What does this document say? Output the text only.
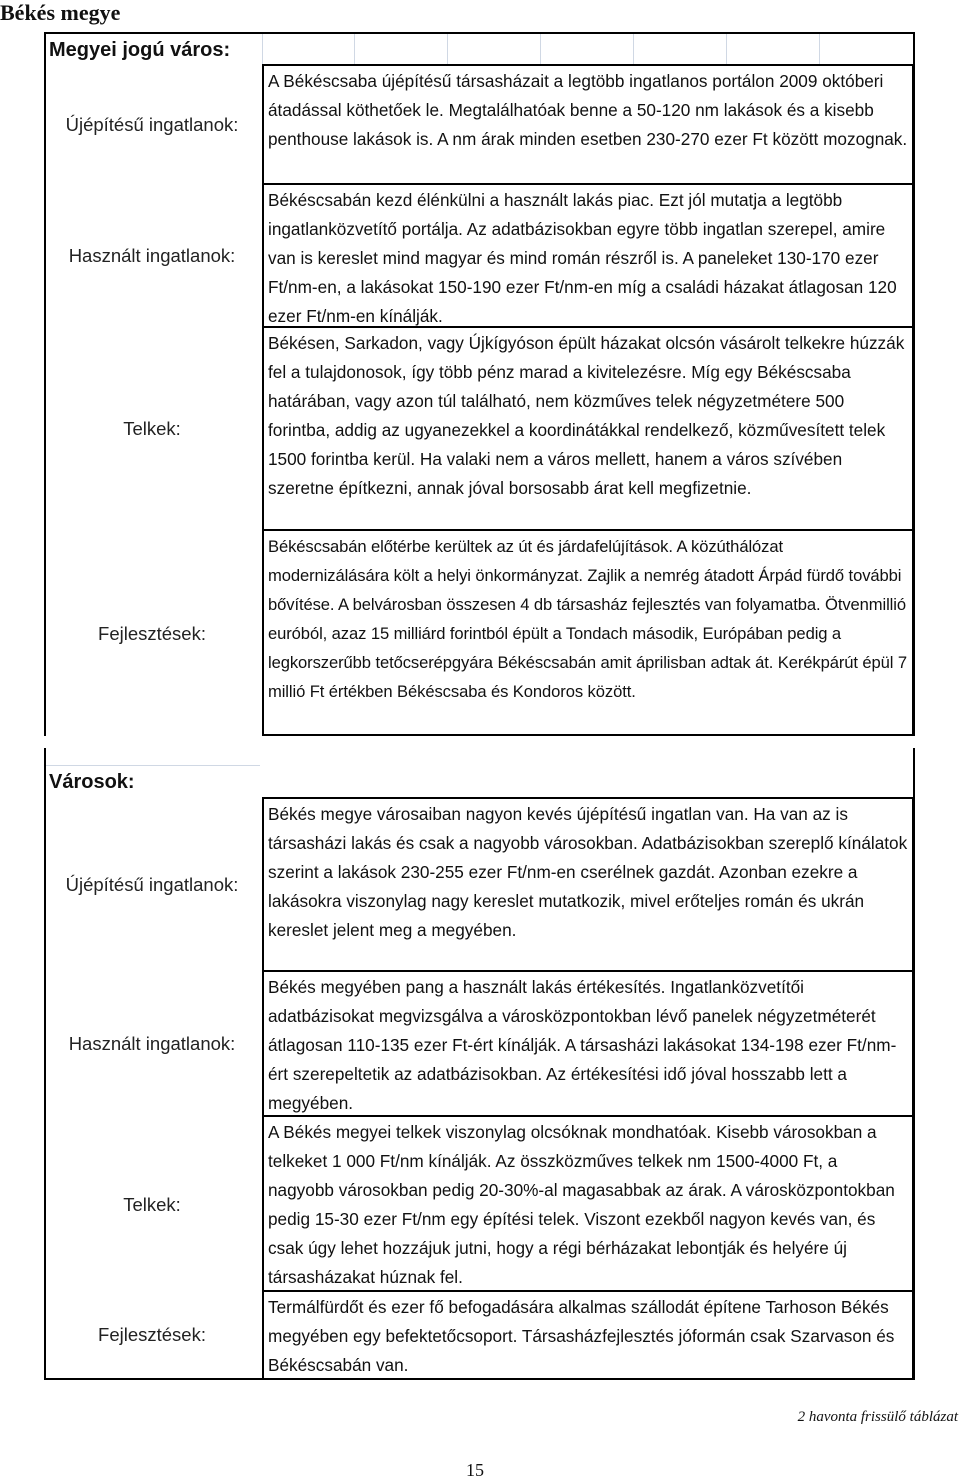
Békés megye
Megyei jogú város:
Újépítésű ingatlanok:
A Békéscsaba újépítésű társasházait a legtöbb ingatlanos portálon 2009 októberi átadással köthetőek le. Megtalálhatóak benne a 50-120 nm lakások és a kisebb penthouse lakások is. A nm árak minden esetben 230-270 ezer Ft között mozognak.
Használt ingatlanok:
Békéscsabán kezd élénkülni a használt lakás piac. Ezt jól mutatja a legtöbb ingatlanközvetítő portálja. Az adatbázisokban egyre több ingatlan szerepel, amire van is kereslet mind magyar és mind román részről is. A paneleket 130-170 ezer Ft/nm-en, a lakásokat 150-190 ezer Ft/nm-en míg a családi házakat átlagosan 120 ezer Ft/nm-en kínálják.
Telkek:
Békésen, Sarkadon, vagy Újkígyóson épült házakat olcsón vásárolt telkekre húzzák fel a tulajdonosok, így több pénz marad a kivitelezésre. Míg egy Békéscsaba határában, vagy azon túl található, nem közműves telek négyzetmétere 500 forintba, addig az ugyanezekkel a koordinátákkal rendelkező, közművesített telek 1500 forintba kerül. Ha valaki nem a város mellett, hanem a város szívében szeretne építkezni, annak jóval borsosabb árat kell megfizetnie.
Fejlesztések:
Békéscsabán előtérbe kerültek az út és járdafelújítások. A közúthálózat modernizálására költ a helyi önkormányzat. Zajlik a nemrég átadott Árpád fürdő további bővítése. A belvárosban összesen 4 db társasház fejlesztés van folyamatba. Ötvenmillió euróból, azaz 15 milliárd forintból épült a Tondach második, Európában pedig a legkorszerűbb tetőcserépgyára Békéscsabán amit áprilisban adtak át. Kerékpárút épül 7 millió Ft értékben Békéscsaba és Kondoros között.
Városok:
Újépítésű ingatlanok:
Békés megye városaiban nagyon kevés újépítésű ingatlan van. Ha van az is társasházi lakás és csak a nagyobb városokban. Adatbázisokban szereplő kínálatok szerint a lakások 230-255 ezer Ft/nm-en cserélnek gazdát. Azonban ezekre a lakásokra viszonylag nagy kereslet mutatkozik, mivel erőteljes román és ukrán kereslet jelent meg a megyében.
Használt ingatlanok:
Békés megyében pang a használt lakás értékesítés. Ingatlanközvetítői adatbázisokat megvizsgálva a városközpontokban lévő panelek négyzetméterét átlagosan 110-135 ezer Ft-ért kínálják. A társasházi lakásokat 134-198 ezer Ft/nm-ért szerepeltetik az adatbázisokban. Az értékesítési idő jóval hosszabb lett a megyében.
Telkek:
A Békés megyei telkek viszonylag olcsóknak mondhatóak. Kisebb városokban a telkeket 1 000 Ft/nm kínálják. Az összközműves telkek nm 1500-4000 Ft, a nagyobb városokban pedig 20-30%-al magasabbak az árak. A városközpontokban pedig 15-30 ezer Ft/nm egy építési telek. Viszont ezekből nagyon kevés van, és csak úgy lehet hozzájuk jutni, hogy a régi bérházakat lebontják és helyére új társasházakat húznak fel.
Fejlesztések:
Termálfürdőt és ezer fő befogadására alkalmas szállodát építene Tarhoson Békés megyében egy befektetőcsoport. Társasházfejlesztés jóformán csak Szarvason és Békéscsabán van.
2 havonta frissülő táblázat
15
